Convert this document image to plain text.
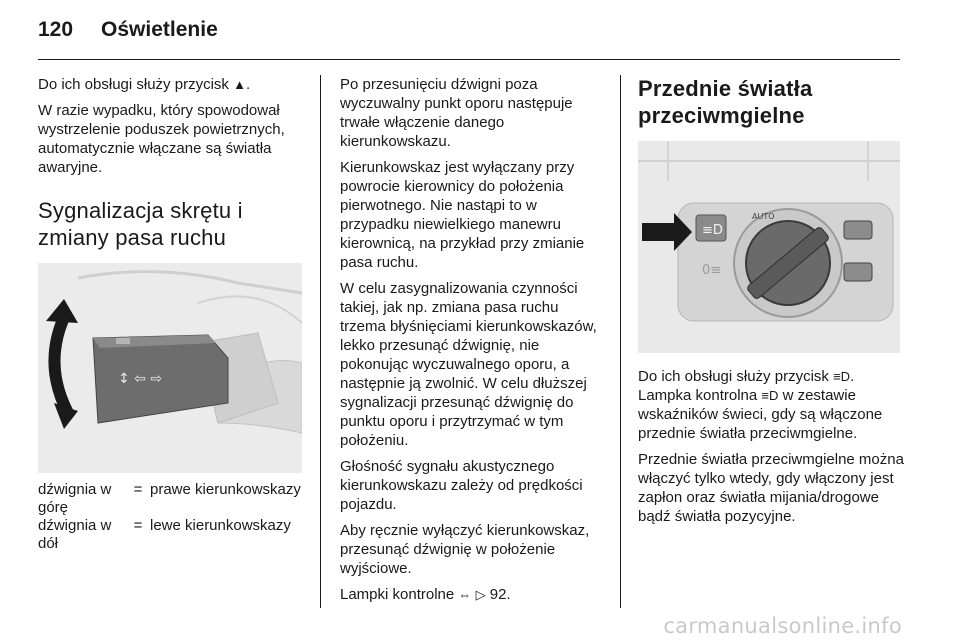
120 Oświetlenie

Do ich obsługi służy przycisk ▲.

W razie wypadku, który spowodował wystrzelenie poduszek powietrznych, automatycznie włączane są światła awaryjne.

Sygnalizacja skrętu i zmiany pasa ruchu
↕ ⇦ ⇨
dźwignia w górę	=	prawe kierunkowskazy
dźwignia w dół	=	lewe kierunkowskazy

Po przesunięciu dźwigni poza wyczuwalny punkt oporu następuje trwałe włączenie danego kierunkowskazu.

Kierunkowskaz jest wyłączany przy powrocie kierownicy do położenia pierwotnego. Nie nastąpi to w przypadku niewielkiego manewru kierownicą, na przykład przy zmianie pasa ruchu.

W celu zasygnalizowania czynności takiej, jak np. zmiana pasa ruchu trzema błyśnięciami kierunkowskazów, lekko przesunąć dźwignię, nie pokonując wyczuwalnego oporu, a następnie ją zwolnić. W celu dłuższej sygnalizacji przesunąć dźwignię do punktu oporu i przytrzymać w tym położeniu.

Głośność sygnału akustycznego kierunkowskazu zależy od prędkości pojazdu.

Aby ręcznie wyłączyć kierunkowskaz, przesunąć dźwignię w położenie wyjściowe.

Lampki kontrolne ⇔ ▷ 92.

Przednie światła przeciwmgielne
≡D
0≡
AUTO

Do ich obsługi służy przycisk ≡D. Lampka kontrolna ≡D w zestawie wskaźników świeci, gdy są włączone przednie światła przeciwmgielne.

Przednie światła przeciwmgielne można włączyć tylko wtedy, gdy włączony jest zapłon oraz światła mijania/drogowe bądź światła pozycyjne.

carmanualsonline.info
